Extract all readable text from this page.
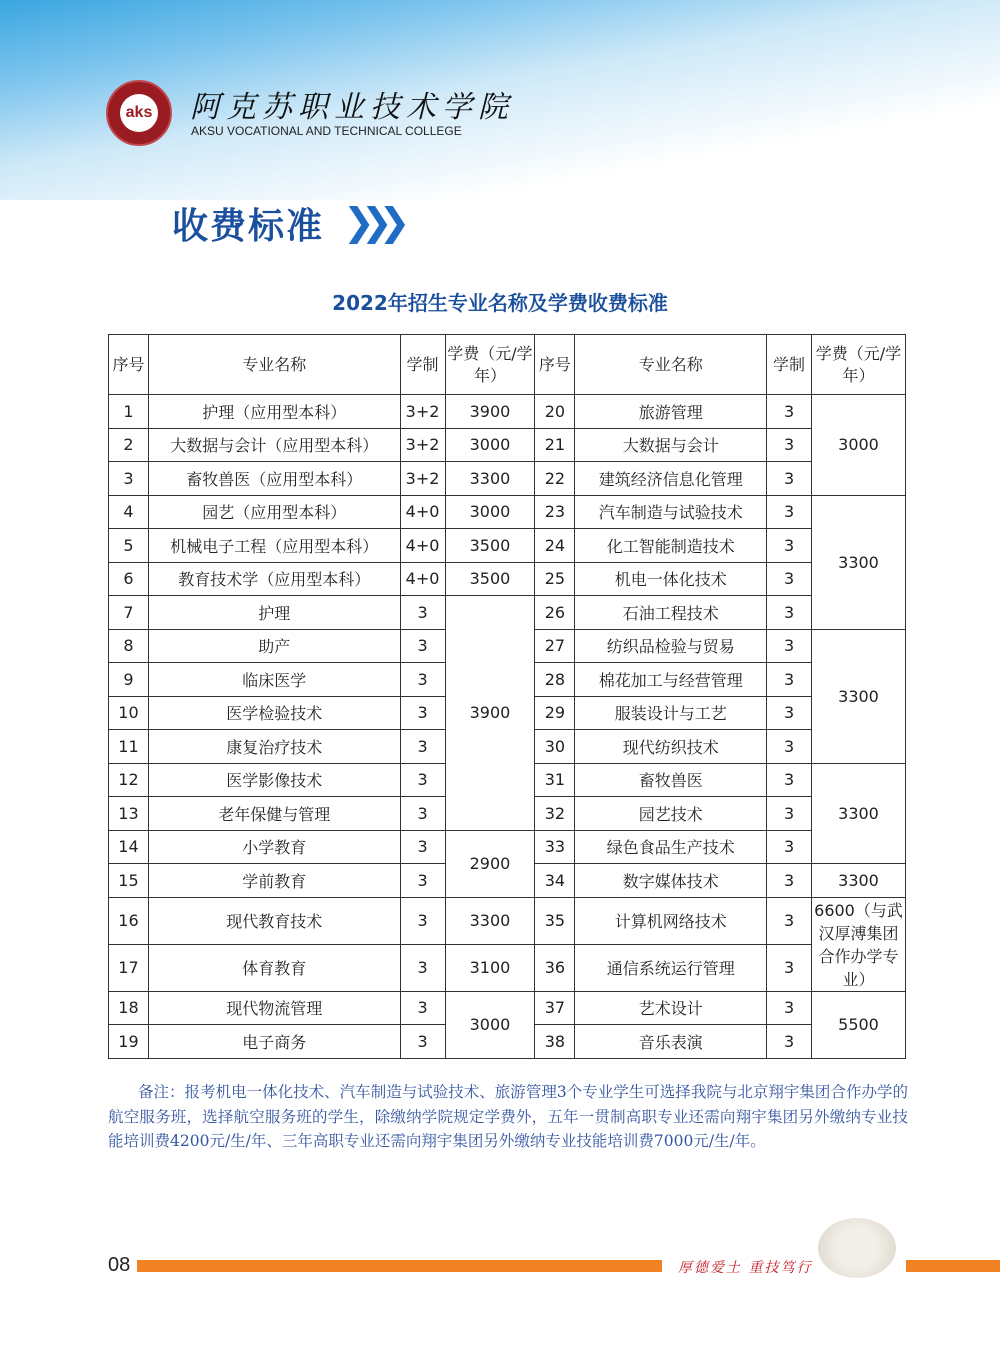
aks 阿克苏职业技术学院
AKSU VOCATIONAL AND TECHNICAL COLLEGE
收费标准 ❯❯❯
2022年招生专业名称及学费收费标准
序号	专业名称	学制	学费（元/学年）	序号	专业名称	学制	学费（元/学年）
1	护理（应用型本科）	3+2	3900	20	旅游管理	3	3000
2	大数据与会计（应用型本科）	3+2	3000	21	大数据与会计	3	
3	畜牧兽医（应用型本科）	3+2	3300	22	建筑经济信息化管理	3	
4	园艺（应用型本科）	4+0	3000	23	汽车制造与试验技术	3	3300
5	机械电子工程（应用型本科）	4+0	3500	24	化工智能制造技术	3	
6	教育技术学（应用型本科）	4+0	3500	25	机电一体化技术	3	
7	护理	3	3900	26	石油工程技术	3	
8	助产	3		27	纺织品检验与贸易	3	3300
9	临床医学	3		28	棉花加工与经营管理	3	
10	医学检验技术	3		29	服装设计与工艺	3	
11	康复治疗技术	3		30	现代纺织技术	3	
12	医学影像技术	3		31	畜牧兽医	3	3300
13	老年保健与管理	3		32	园艺技术	3	
14	小学教育	3	2900	33	绿色食品生产技术	3	
15	学前教育	3		34	数字媒体技术	3	3300
16	现代教育技术	3	3300	35	计算机网络技术	3	6600（与武汉厚溥集团合作办学专业）
17	体育教育	3	3100	36	通信系统运行管理	3	
18	现代物流管理	3	3000	37	艺术设计	3	5500
19	电子商务	3		38	音乐表演	3	
备注：报考机电一体化技术、汽车制造与试验技术、旅游管理3个专业学生可选择我院与北京翔宇集团合作办学的航空服务班，选择航空服务班的学生，除缴纳学院规定学费外，五年一贯制高职专业还需向翔宇集团另外缴纳专业技能培训费4200元/生/年、三年高职专业还需向翔宇集团另外缴纳专业技能培训费7000元/生/年。
08	厚德爱土 重技笃行
